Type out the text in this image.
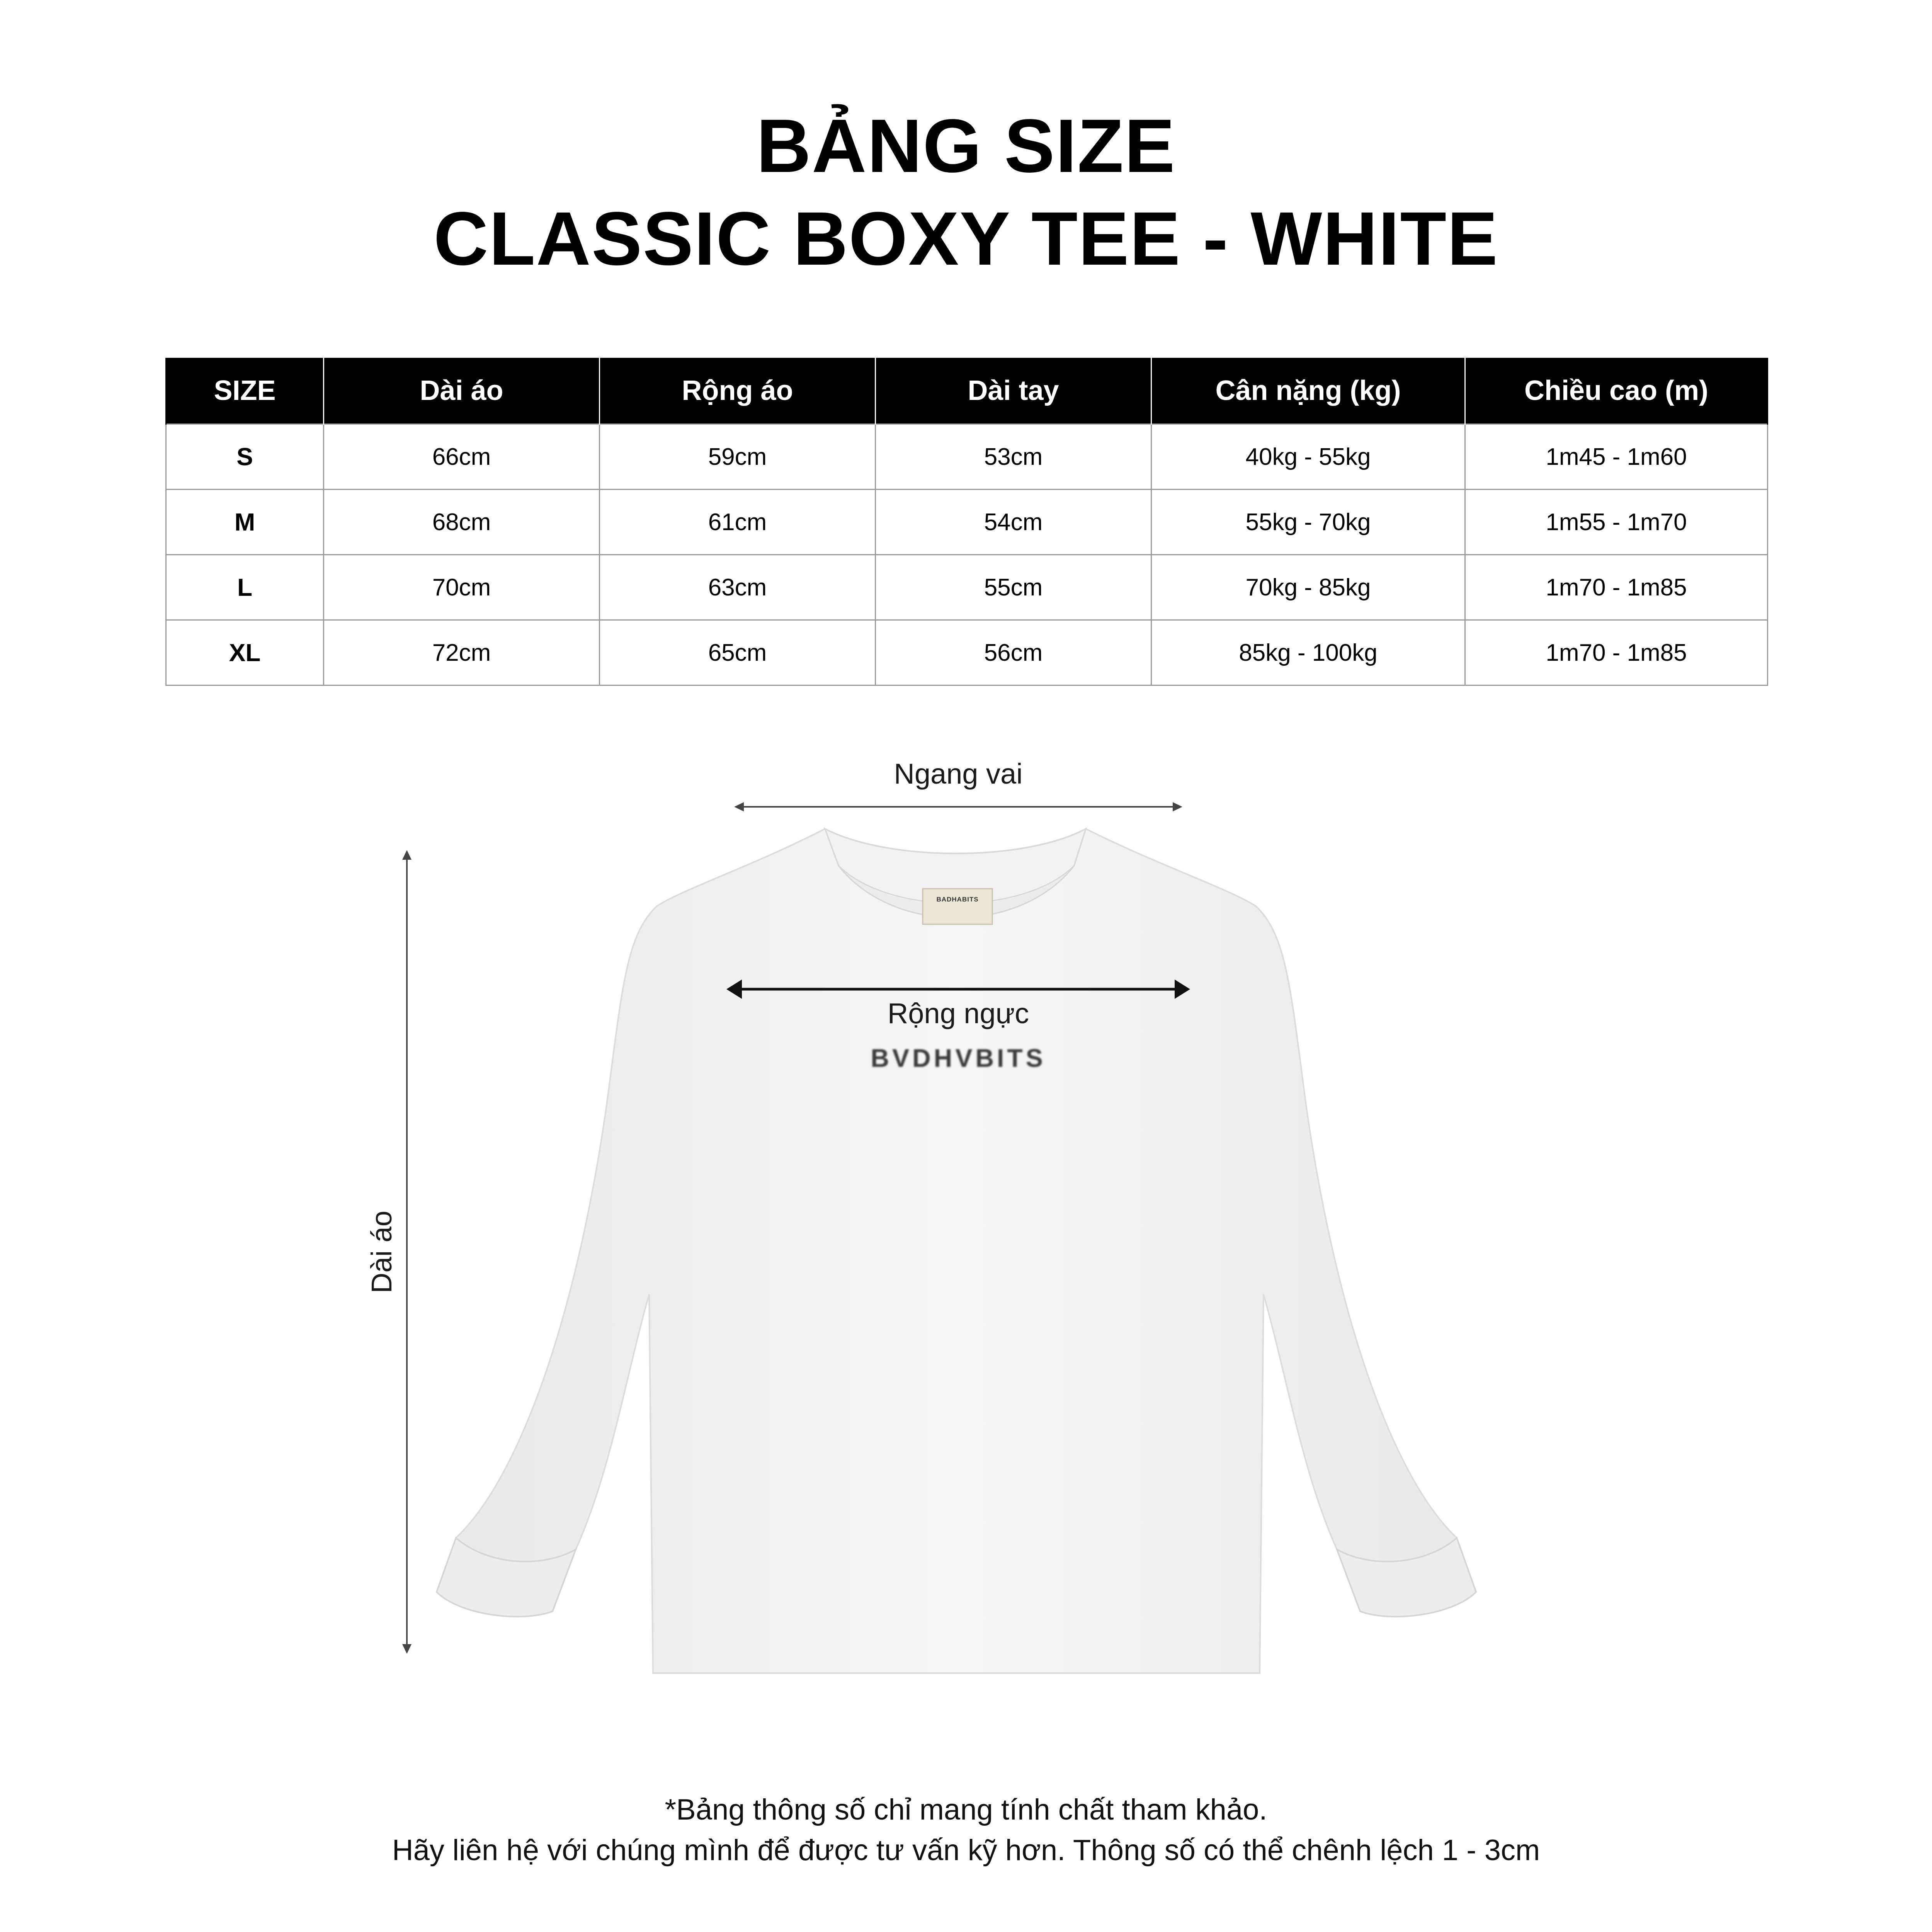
BẢNG SIZE
CLASSIC BOXY TEE - WHITE
SIZE	Dài áo	Rộng áo	Dài tay	Cân nặng (kg)	Chiều cao (m)
S	66cm	59cm	53cm	40kg - 55kg	1m45 - 1m60
M	68cm	61cm	54cm	55kg - 70kg	1m55 - 1m70
L	70cm	63cm	55cm	70kg - 85kg	1m70 - 1m85
XL	72cm	65cm	56cm	85kg - 100kg	1m70 - 1m85
BADHABITS
BVDHVBITS
Ngang vai
Rộng ngực
Dài áo
*Bảng thông số chỉ mang tính chất tham khảo.
Hãy liên hệ với chúng mình để được tư vấn kỹ hơn. Thông số có thể chênh lệch 1 - 3cm
